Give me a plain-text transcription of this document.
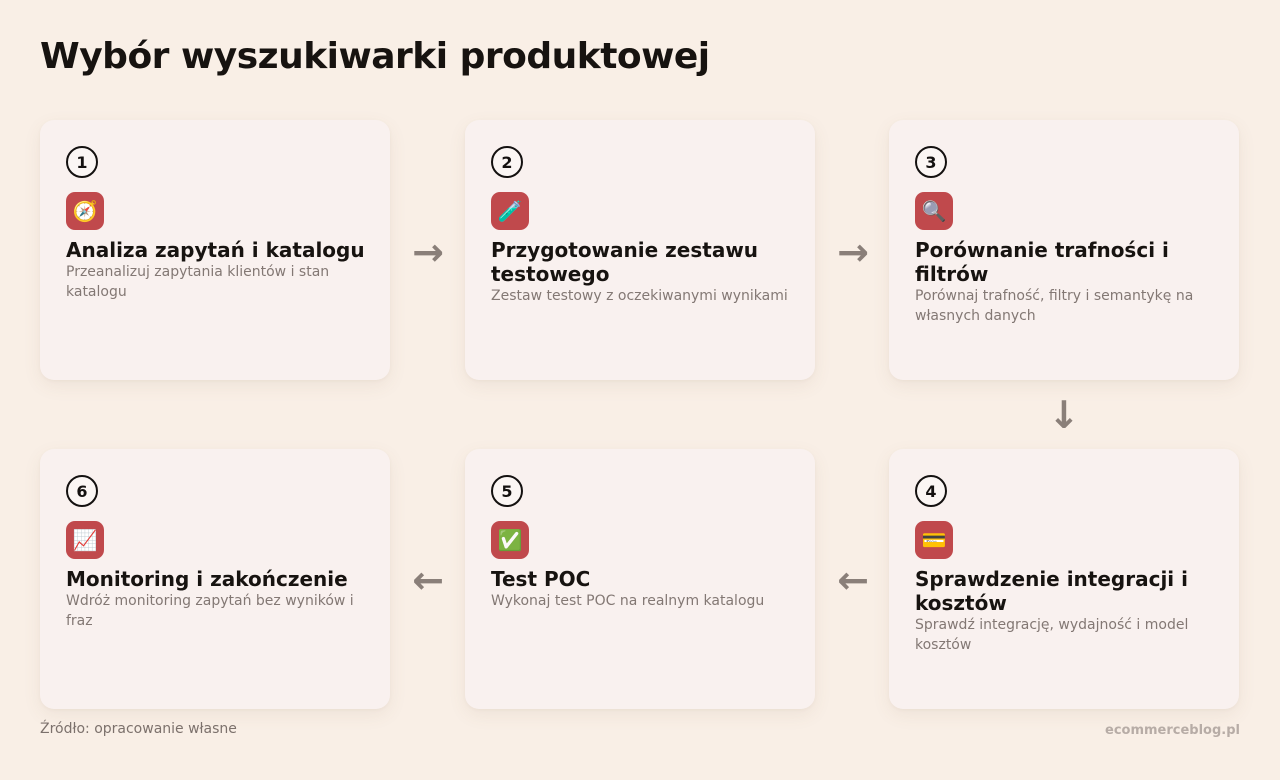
Wybór wyszukiwarki produktowej
1
🧭
Analiza zapytań i katalogu

Przeanalizuj zapytania klientów i stan katalogu

→
2
🧪
Przygotowanie zestawu testowego

Zestaw testowy z oczekiwanymi wynikami

→
3
🔍
Porównanie trafności i filtrów

Porównaj trafność, filtry i semantykę na własnych danych

↓
6
📈
Monitoring i zakończenie

Wdróż monitoring zapytań bez wyników i fraz

←
5
✅
Test POC

Wykonaj test POC na realnym katalogu	←
4
💳
Sprawdzenie integracji i kosztów

Sprawdź integrację, wydajność i model kosztów

Źródło: opracowanie własne	ecommerceblog.pl
